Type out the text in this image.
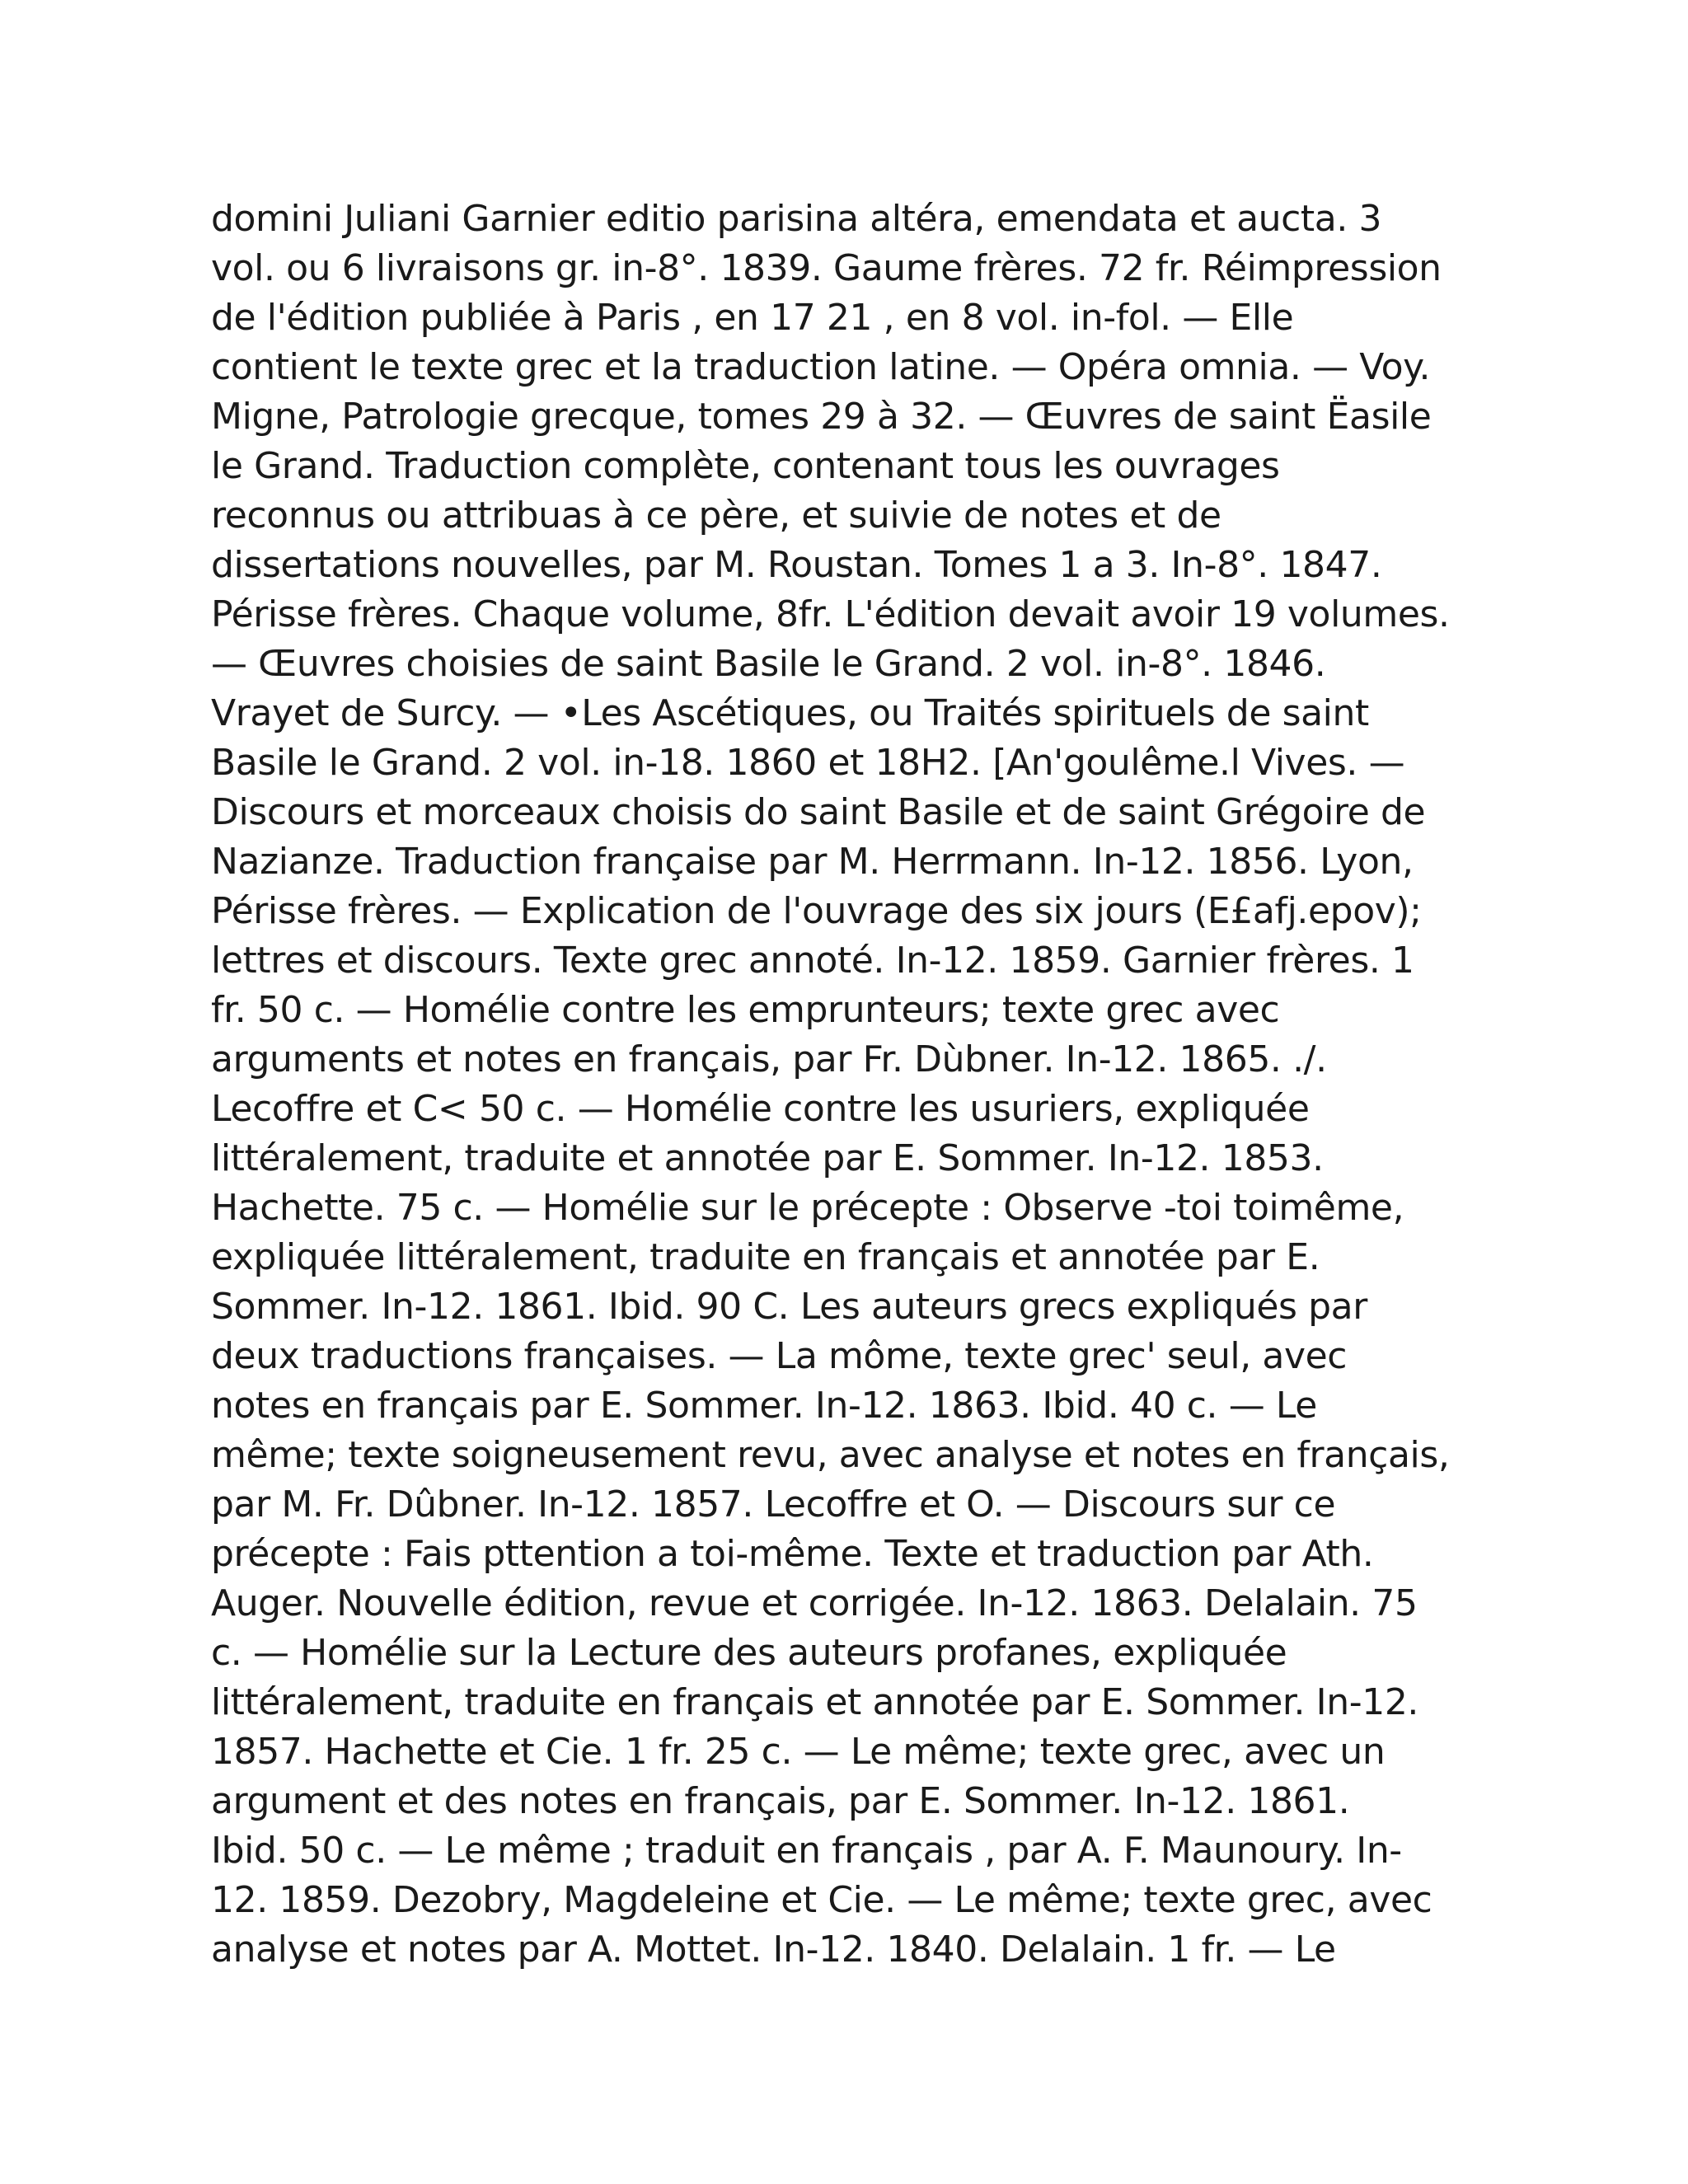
domini Juliani Garnier editio parisina altéra, emendata et aucta. 3
vol. ou 6 livraisons gr. in-8°. 1839. Gaume frères. 72 fr. Réimpression
de l'édition publiée à Paris , en 17 21 , en 8 vol. in-fol. — Elle
contient le texte grec et la traduction latine. — Opéra omnia. — Voy.
Migne, Patrologie grecque, tomes 29 à 32. — Œuvres de saint Ëasile
le Grand. Traduction complète, contenant tous les ouvrages
reconnus ou attribuas à ce père, et suivie de notes et de
dissertations nouvelles, par M. Roustan. Tomes 1 a 3. In-8°. 1847.
Périsse frères. Chaque volume, 8fr. L'édition devait avoir 19 volumes.
— Œuvres choisies de saint Basile le Grand. 2 vol. in-8°. 1846.
Vrayet de Surcy. — •Les Ascétiques, ou Traités spirituels de saint
Basile le Grand. 2 vol. in-18. 1860 et 18H2. [An'goulême.l Vives. —
Discours et morceaux choisis do saint Basile et de saint Grégoire de
Nazianze. Traduction française par M. Herrmann. In-12. 1856. Lyon,
Périsse frères. — Explication de l'ouvrage des six jours (E£afj.epov);
lettres et discours. Texte grec annoté. In-12. 1859. Garnier frères. 1
fr. 50 c. — Homélie contre les emprunteurs; texte grec avec
arguments et notes en français, par Fr. Dùbner. In-12. 1865. ./.
Lecoffre et C< 50 c. — Homélie contre les usuriers, expliquée
littéralement, traduite et annotée par E. Sommer. In-12. 1853.
Hachette. 75 c. — Homélie sur le précepte : Observe -toi toimême,
expliquée littéralement, traduite en français et annotée par E.
Sommer. In-12. 1861. Ibid. 90 C. Les auteurs grecs expliqués par
deux traductions françaises. — La môme, texte grec' seul, avec
notes en français par E. Sommer. In-12. 1863. Ibid. 40 c. — Le
même; texte soigneusement revu, avec analyse et notes en français,
par M. Fr. Dûbner. In-12. 1857. Lecoffre et O. — Discours sur ce
précepte : Fais pttention a toi-même. Texte et traduction par Ath.
Auger. Nouvelle édition, revue et corrigée. In-12. 1863. Delalain. 75
c. — Homélie sur la Lecture des auteurs profanes, expliquée
littéralement, traduite en français et annotée par E. Sommer. In-12.
1857. Hachette et Cie. 1 fr. 25 c. — Le même; texte grec, avec un
argument et des notes en français, par E. Sommer. In-12. 1861.
Ibid. 50 c. — Le même ; traduit en français , par A. F. Maunoury. In-
12. 1859. Dezobry, Magdeleine et Cie. — Le même; texte grec, avec
analyse et notes par A. Mottet. In-12. 1840. Delalain. 1 fr. — Le
